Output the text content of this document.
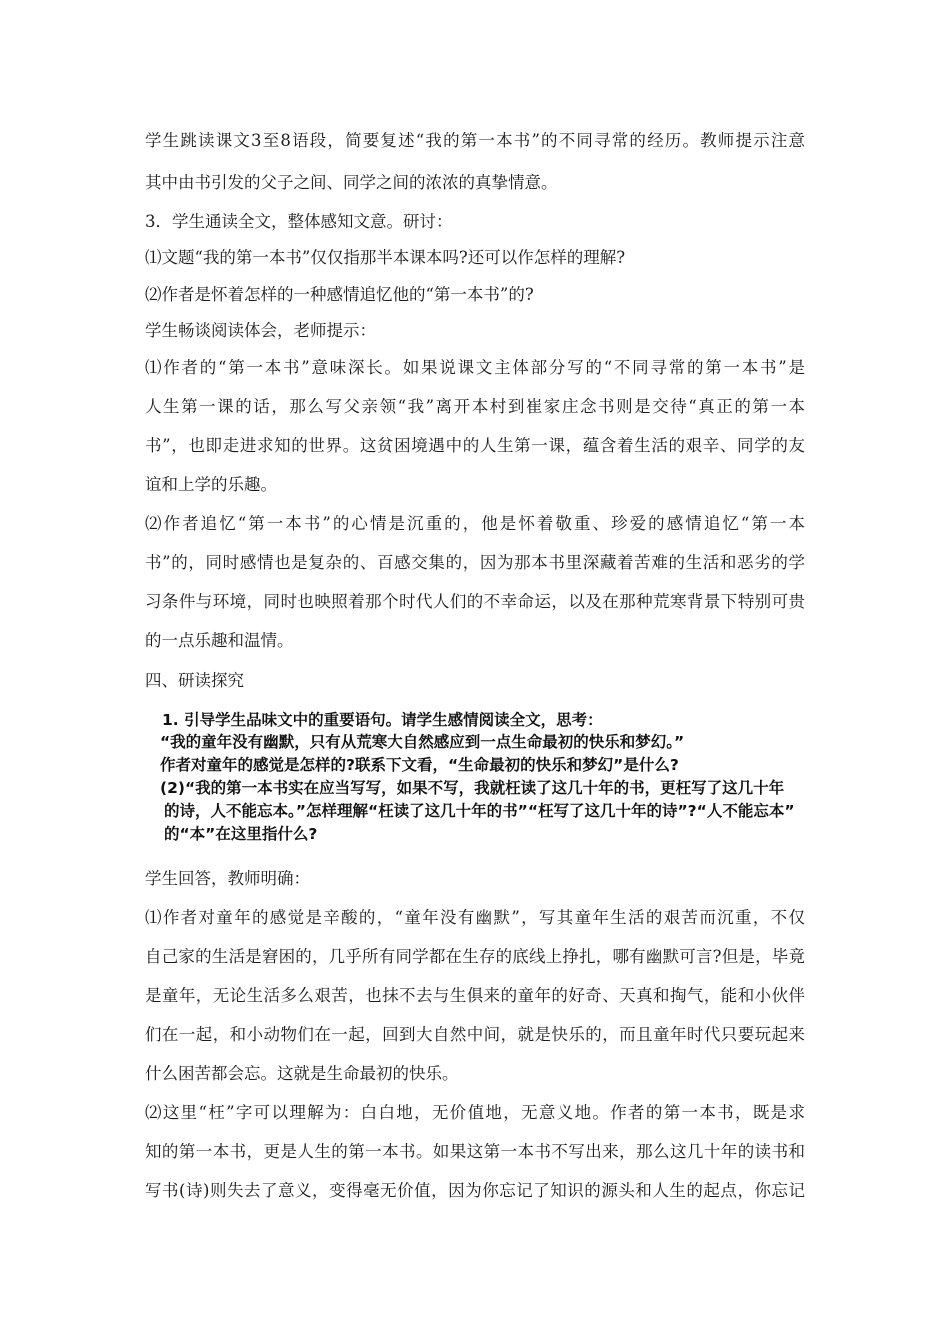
学生跳读课文3至8语段，简要复述“我的第一本书”的不同寻常的经历。教师提示注意
其中由书引发的父子之间、同学之间的浓浓的真挚情意。
3．学生通读全文，整体感知文意。研讨：
⑴文题“我的第一本书”仅仅指那半本课本吗?还可以作怎样的理解?
⑵作者是怀着怎样的一种感情追忆他的“第一本书”的?
学生畅谈阅读体会，老师提示：
⑴作者的“第一本书”意味深长。如果说课文主体部分写的“不同寻常的第一本书”是
人生第一课的话，那么写父亲领“我”离开本村到崔家庄念书则是交待“真正的第一本
书”，也即走进求知的世界。这贫困境遇中的人生第一课，蕴含着生活的艰辛、同学的友
谊和上学的乐趣。
⑵作者追忆“第一本书”的心情是沉重的，他是怀着敬重、珍爱的感情追忆“第一本
书”的，同时感情也是复杂的、百感交集的，因为那本书里深藏着苦难的生活和恶劣的学
习条件与环境，同时也映照着那个时代人们的不幸命运，以及在那种荒寒背景下特别可贵
的一点乐趣和温情。
四、研读探究
1. 引导学生品味文中的重要语句。请学生感情阅读全文，思考：
“我的童年没有幽默，只有从荒寒大自然感应到一点生命最初的快乐和梦幻。”
作者对童年的感觉是怎样的?联系下文看，“生命最初的快乐和梦幻”是什么?
(2)“我的第一本书实在应当写写，如果不写，我就枉读了这几十年的书，更枉写了这几十年
的诗，人不能忘本。”怎样理解“枉读了这几十年的书”“枉写了这几十年的诗”?“人不能忘本”
的“本”在这里指什么?
学生回答，教师明确：
⑴作者对童年的感觉是辛酸的，“童年没有幽默”，写其童年生活的艰苦而沉重，不仅
自己家的生活是窘困的，几乎所有同学都在生存的底线上挣扎，哪有幽默可言?但是，毕竟
是童年，无论生活多么艰苦，也抹不去与生俱来的童年的好奇、天真和掏气，能和小伙伴
们在一起，和小动物们在一起，回到大自然中间，就是快乐的，而且童年时代只要玩起来
什么困苦都会忘。这就是生命最初的快乐。
⑵这里“枉”字可以理解为：白白地，无价值地，无意义地。作者的第一本书，既是求
知的第一本书，更是人生的第一本书。如果这第一本书不写出来，那么这几十年的读书和
写书(诗)则失去了意义，变得毫无价值，因为你忘记了知识的源头和人生的起点，你忘记
